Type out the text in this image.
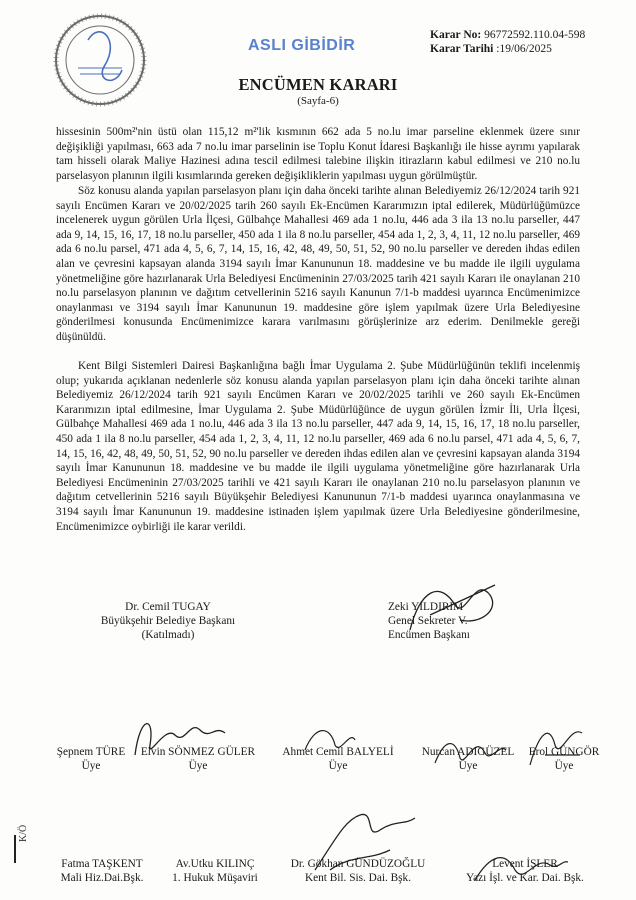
ASLI GİBİDİR
Karar No: 96772592.110.04-598
Karar Tarihi :19/06/2025
ENCÜMEN KARARI
(Sayfa-6)

hissesinin 500m²'nin üstü olan 115,12 m²'lik kısmının 662 ada 5 no.lu imar parseline eklenmek üzere sınır değişikliği yapılması, 663 ada 7 no.lu imar parselinin ise Toplu Konut İdaresi Başkanlığı ile hisse ayrımı yapılarak tam hisseli olarak Maliye Hazinesi adına tescil edilmesi talebine ilişkin itirazların kabul edilmesi ve 210 no.lu parselasyon planının ilgili kısımlarında gereken değişikliklerin yapılması uygun görülmüştür.

Söz konusu alanda yapılan parselasyon planı için daha önceki tarihte alınan Belediyemiz 26/12/2024 tarih 921 sayılı Encümen Kararı ve 20/02/2025 tarih 260 sayılı Ek-Encümen Kararımızın iptal edilerek, Müdürlüğümüzce incelenerek uygun görülen Urla İlçesi, Gülbahçe Mahallesi 469 ada 1 no.lu, 446 ada 3 ila 13 no.lu parseller, 447 ada 9, 14, 15, 16, 17, 18 no.lu parseller, 450 ada 1 ila 8 no.lu parseller, 454 ada 1, 2, 3, 4, 11, 12 no.lu parseller, 469 ada 6 no.lu parsel, 471 ada 4, 5, 6, 7, 14, 15, 16, 42, 48, 49, 50, 51, 52, 90 no.lu parseller ve dereden ihdas edilen alan ve çevresini kapsayan alanda 3194 sayılı İmar Kanununun 18. maddesine ve bu madde ile ilgili uygulama yönetmeliğine göre hazırlanarak Urla Belediyesi Encümeninin 27/03/2025 tarih 421 sayılı Kararı ile onaylanan 210 no.lu parselasyon planının ve dağıtım cetvellerinin 5216 sayılı Kanunun 7/1-b maddesi uyarınca Encümenimizce onaylanması ve 3194 sayılı İmar Kanununun 19. maddesine göre işlem yapılmak üzere Urla Belediyesine gönderilmesi konusunda Encümenimizce karara varılmasını görüşlerinize arz ederim. Denilmekle gereği düşünüldü.

Kent Bilgi Sistemleri Dairesi Başkanlığına bağlı İmar Uygulama 2. Şube Müdürlüğünün teklifi incelenmiş olup; yukarıda açıklanan nedenlerle söz konusu alanda yapılan parselasyon planı için daha önceki tarihte alınan Belediyemiz 26/12/2024 tarih 921 sayılı Encümen Kararı ve 20/02/2025 tarihli ve 260 sayılı Ek-Encümen Kararımızın iptal edilmesine, İmar Uygulama 2. Şube Müdürlüğünce de uygun görülen İzmir İli, Urla İlçesi, Gülbahçe Mahallesi 469 ada 1 no.lu, 446 ada 3 ila 13 no.lu parseller, 447 ada 9, 14, 15, 16, 17, 18 no.lu parseller, 450 ada 1 ila 8 no.lu parseller, 454 ada 1, 2, 3, 4, 11, 12 no.lu parseller, 469 ada 6 no.lu parsel, 471 ada 4, 5, 6, 7, 14, 15, 16, 42, 48, 49, 50, 51, 52, 90 no.lu parseller ve dereden ihdas edilen alan ve çevresini kapsayan alanda 3194 sayılı İmar Kanununun 18. maddesine ve bu madde ile ilgili uygulama yönetmeliğine göre hazırlanarak Urla Belediyesi Encümeninin 27/03/2025 tarihli ve 421 sayılı Kararı ile onaylanan 210 no.lu parselasyon planının ve dağıtım cetvellerinin 5216 sayılı Büyükşehir Belediyesi Kanununun 7/1-b maddesi uyarınca onaylanmasına ve 3194 sayılı İmar Kanununun 19. maddesine istinaden işlem yapılmak üzere Urla Belediyesine gönderilmesine, Encümenimizce oybirliği ile karar verildi.

Dr. Cemil TUGAY
Büyükşehir Belediye Başkanı
(Katılmadı)
Zeki YILDIRIM
Genel Sekreter V.
Encümen Başkanı
Şepnem TÜRE
Üye
Elvin SÖNMEZ GÜLER
Üye
Ahmet Cemil BALYELİ
Üye
Nurcan ADIGÜZEL
Üye
Erol GÜNGÖR
Üye
Fatma TAŞKENT
Mali Hiz.Dai.Bşk.
Av.Utku KILINÇ
1. Hukuk Müşaviri
Dr. Gökhan GÜNDÜZOĞLU
Kent Bil. Sis. Dai. Bşk.
Levent İŞLER
Yazı İşl. ve Kar. Dai. Bşk.
K/Ö
